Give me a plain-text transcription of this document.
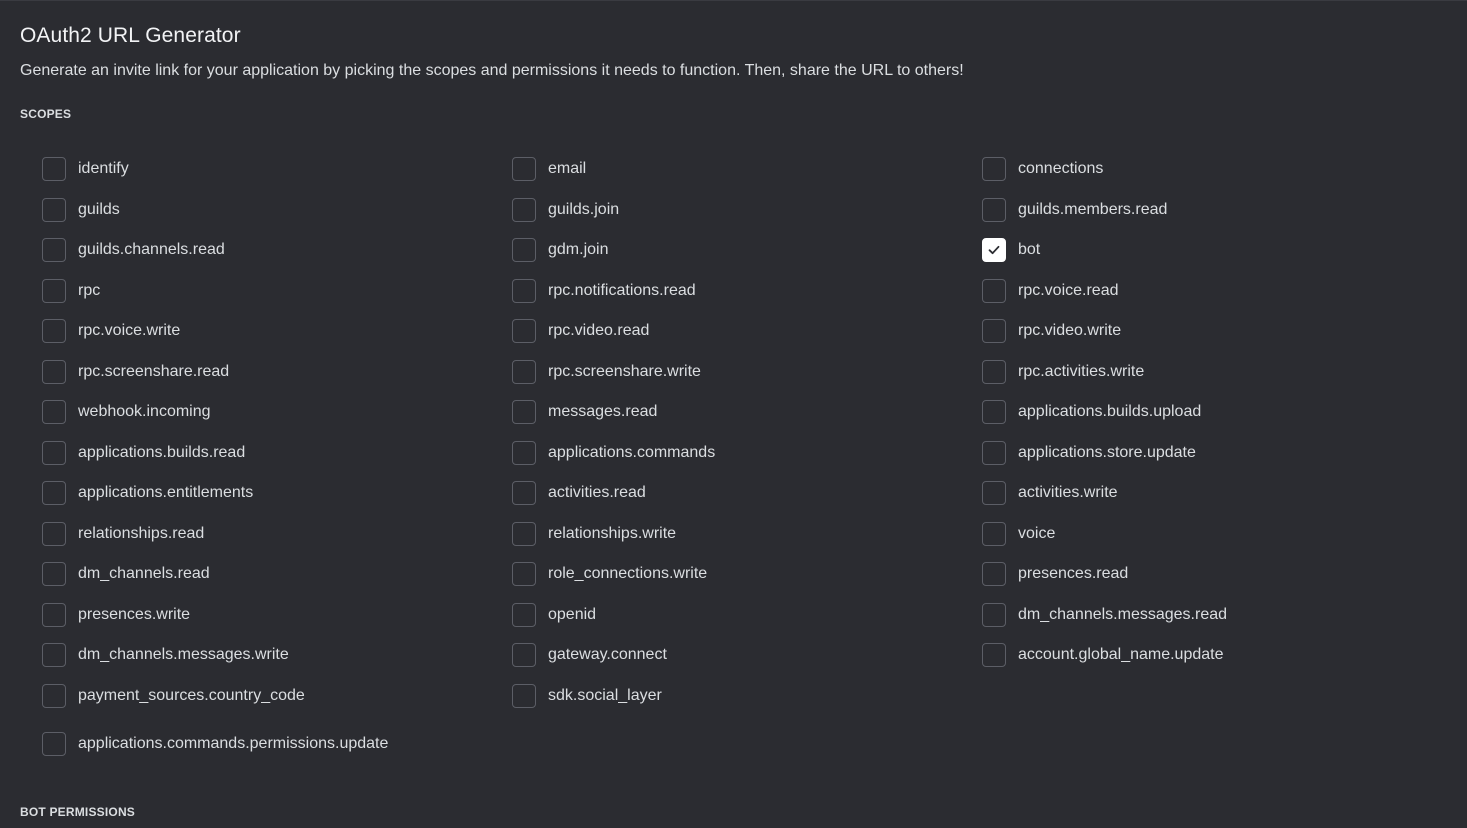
OAuth2 URL Generator
Generate an invite link for your application by picking the scopes and permissions it needs to function. Then, share the URL to others!
SCOPES
identify	email	connections
guilds	guilds.join	guilds.members.read
guilds.channels.read	gdm.join	bot
rpc	rpc.notifications.read	rpc.voice.read
rpc.voice.write	rpc.video.read	rpc.video.write
rpc.screenshare.read	rpc.screenshare.write	rpc.activities.write
webhook.incoming	messages.read	applications.builds.upload
applications.builds.read	applications.commands	applications.store.update
applications.entitlements	activities.read	activities.write
relationships.read	relationships.write	voice
dm_channels.read	role_connections.write	presences.read
presences.write	openid	dm_channels.messages.read
dm_channels.messages.write	gateway.connect	account.global_name.update
payment_sources.country_code	sdk.social_layer
applications.commands.permissions.update
BOT PERMISSIONS
